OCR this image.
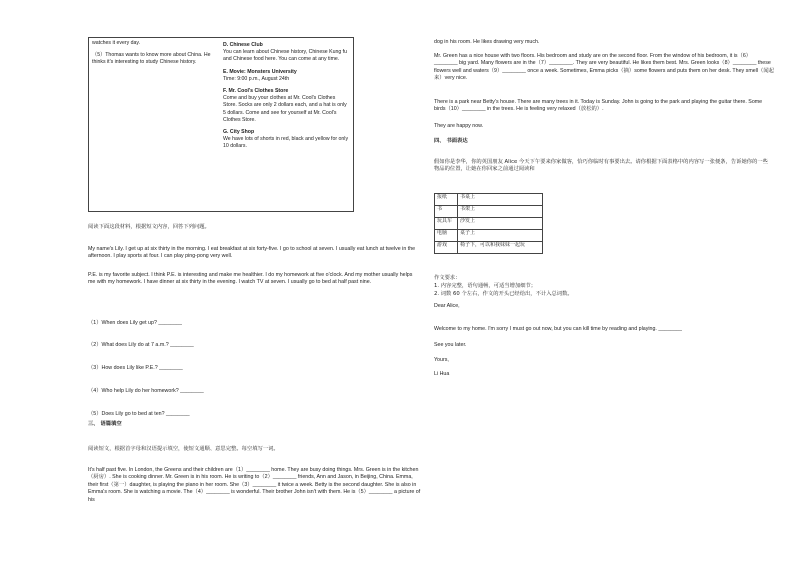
watches it every day.

（5）Thomas wants to know more about China. He thinks it's interesting to study Chinese history.

D. Chinese Club

You can learn about Chinese history, Chinese Kung fu and Chinese food here. You can come at any time.

E. Movie: Monsters University

Time: 9:00 p.m., August 24th

F. Mr. Cool's Clothes Store

Come and buy your clothes at Mr. Cool's Clothes Store. Socks are only 2 dollars each, and a hat is only 5 dollars. Come and see for yourself at Mr. Cool's Clothes Store.

G. City Shop

We have lots of shorts in red, black and yellow for only 10 dollars.

阅读下面这段材料，根据短文内容，回答下列问题。
My name's Lily. I get up at six thirty in the morning. I eat breakfast at six forty-five. I go to school at seven. I usually eat lunch at twelve in the afternoon. I play sports at four. I can play ping-pong very well.
P.E. is my favorite subject. I think P.E. is interesting and make me healthier. I do my homework at five o'clock. And my mother usually helps me with my homework. I have dinner at six thirty in the evening. I watch TV at seven. I usually go to bed at half past nine.
（1）When does Lily get up? ________
（2）What does Lily do at 7 a.m.? ________
（3）How does Lily like P.E.? ________
（4）Who help Lily do her homework? ________
（5）Does Lily go to bed at ten? ________
三、 语篇填空
阅读短文，根据首字母和汉语提示填空，使短文通顺、意思完整。每空填写一词。
It's half past five. In London, the Greens and their children are（1）________ home. They are busy doing things. Mrs. Green is in the kitchen（厨房）. She is cooking dinner. Mr. Green is in his room. He is writing to（2）________ friends, Ann and Jason, in Beijing, China. Emma, their first（第一）daughter, is playing the piano in her room. She（3）________ it twice a week. Betty is the second daughter. She is also in Emma's room. She is watching a movie. The（4）________ is wonderful. Their brother John isn't with them. He is（5）________ a picture of his
dog in his room. He likes drawing very much.
Mr. Green has a nice house with two floors. His bedroom and study are on the second floor. From the window of his bedroom, it is（6）________ big yard. Many flowers are in the（7）________. They are very beautiful. He likes them best. Mrs. Green looks（8）________ these flowers well and waters（9）________ once a week. Sometimes, Emma picks（摘）some flowers and puts them on her desk. They smell（闻起来）very nice.
There is a park near Betty's house. There are many trees in it. Today is Sunday. John is going to the park and playing the guitar there. Some birds（10）________ in the trees. He is feeling very relaxed（放松的）.
They are happy now.
四、 书面表达
假如你是李华，你的英国朋友 Alice 今天下午要来你家做客，恰巧你临时有事要出去。请你根据下面表格中的内容写一张便条，告诉她你的一些物品的位置，让她在你回家之前通过阅读和
报纸	书桌上
书	书架上
玩具车	沙发上
电脑	桌子上
游戏	椅子下，可以和我妹妹一起玩
作文要求：
1. 内容完整，语句通畅，可适当增加细节；
2. 词数 60 个左右，作文的开头已经给出，不计入总词数。
Dear Alice,
Welcome to my home. I'm sorry I must go out now, but you can kill time by reading and playing. ________
See you later.
Yours,
Li Hua
